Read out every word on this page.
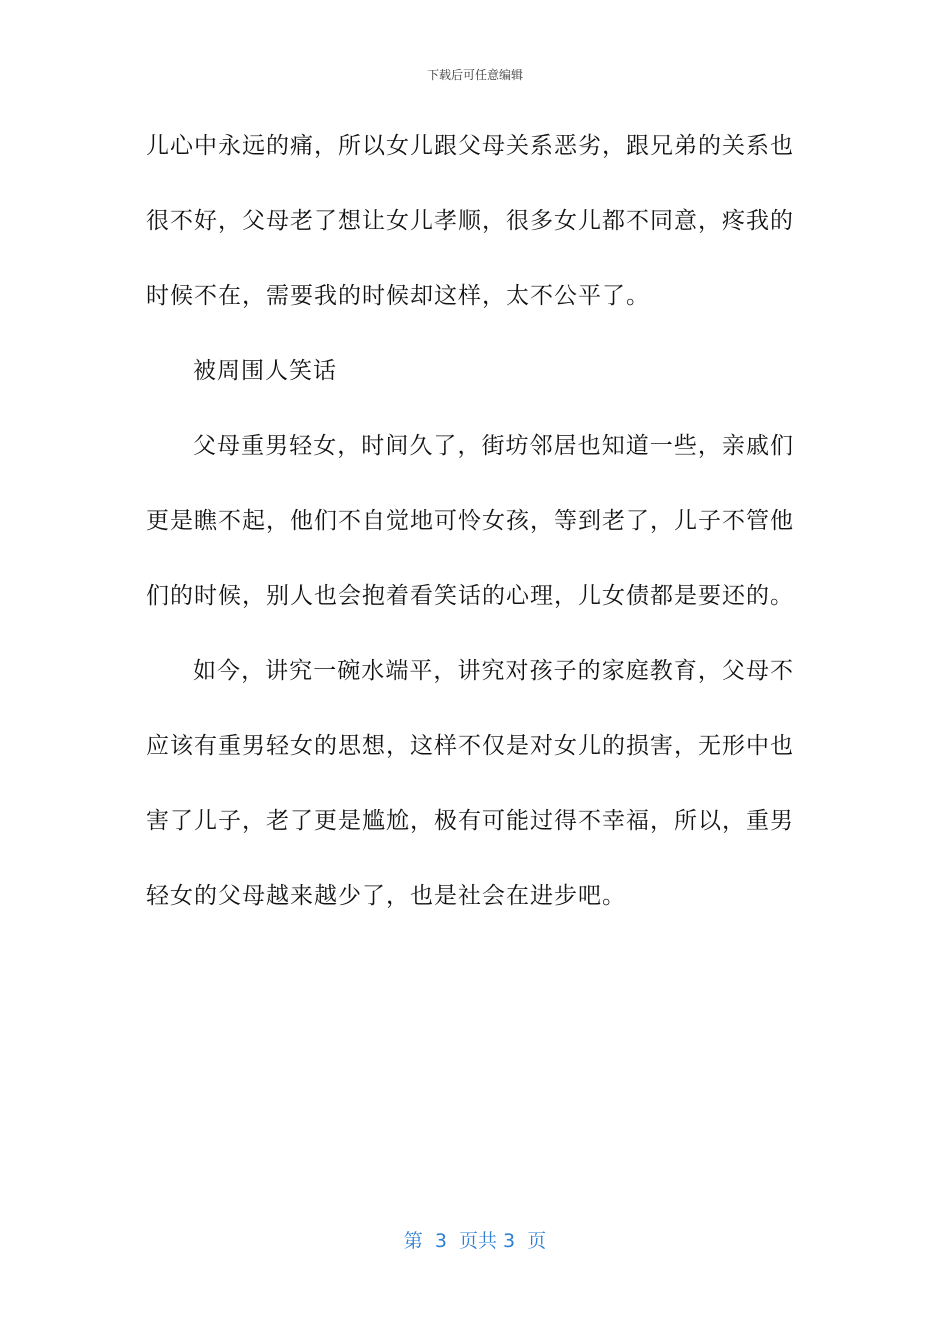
下载后可任意编辑
儿心中永远的痛，所以女儿跟父母关系恶劣，跟兄弟的关系也
很不好，父母老了想让女儿孝顺，很多女儿都不同意，疼我的
时候不在，需要我的时候却这样，太不公平了。
被周围人笑话
父母重男轻女，时间久了，街坊邻居也知道一些，亲戚们
更是瞧不起，他们不自觉地可怜女孩，等到老了，儿子不管他
们的时候，别人也会抱着看笑话的心理，儿女债都是要还的。
如今，讲究一碗水端平，讲究对孩子的家庭教育，父母不
应该有重男轻女的思想，这样不仅是对女儿的损害，无形中也
害了儿子，老了更是尴尬，极有可能过得不幸福，所以，重男
轻女的父母越来越少了，也是社会在进步吧。
第  3  页共 3  页
